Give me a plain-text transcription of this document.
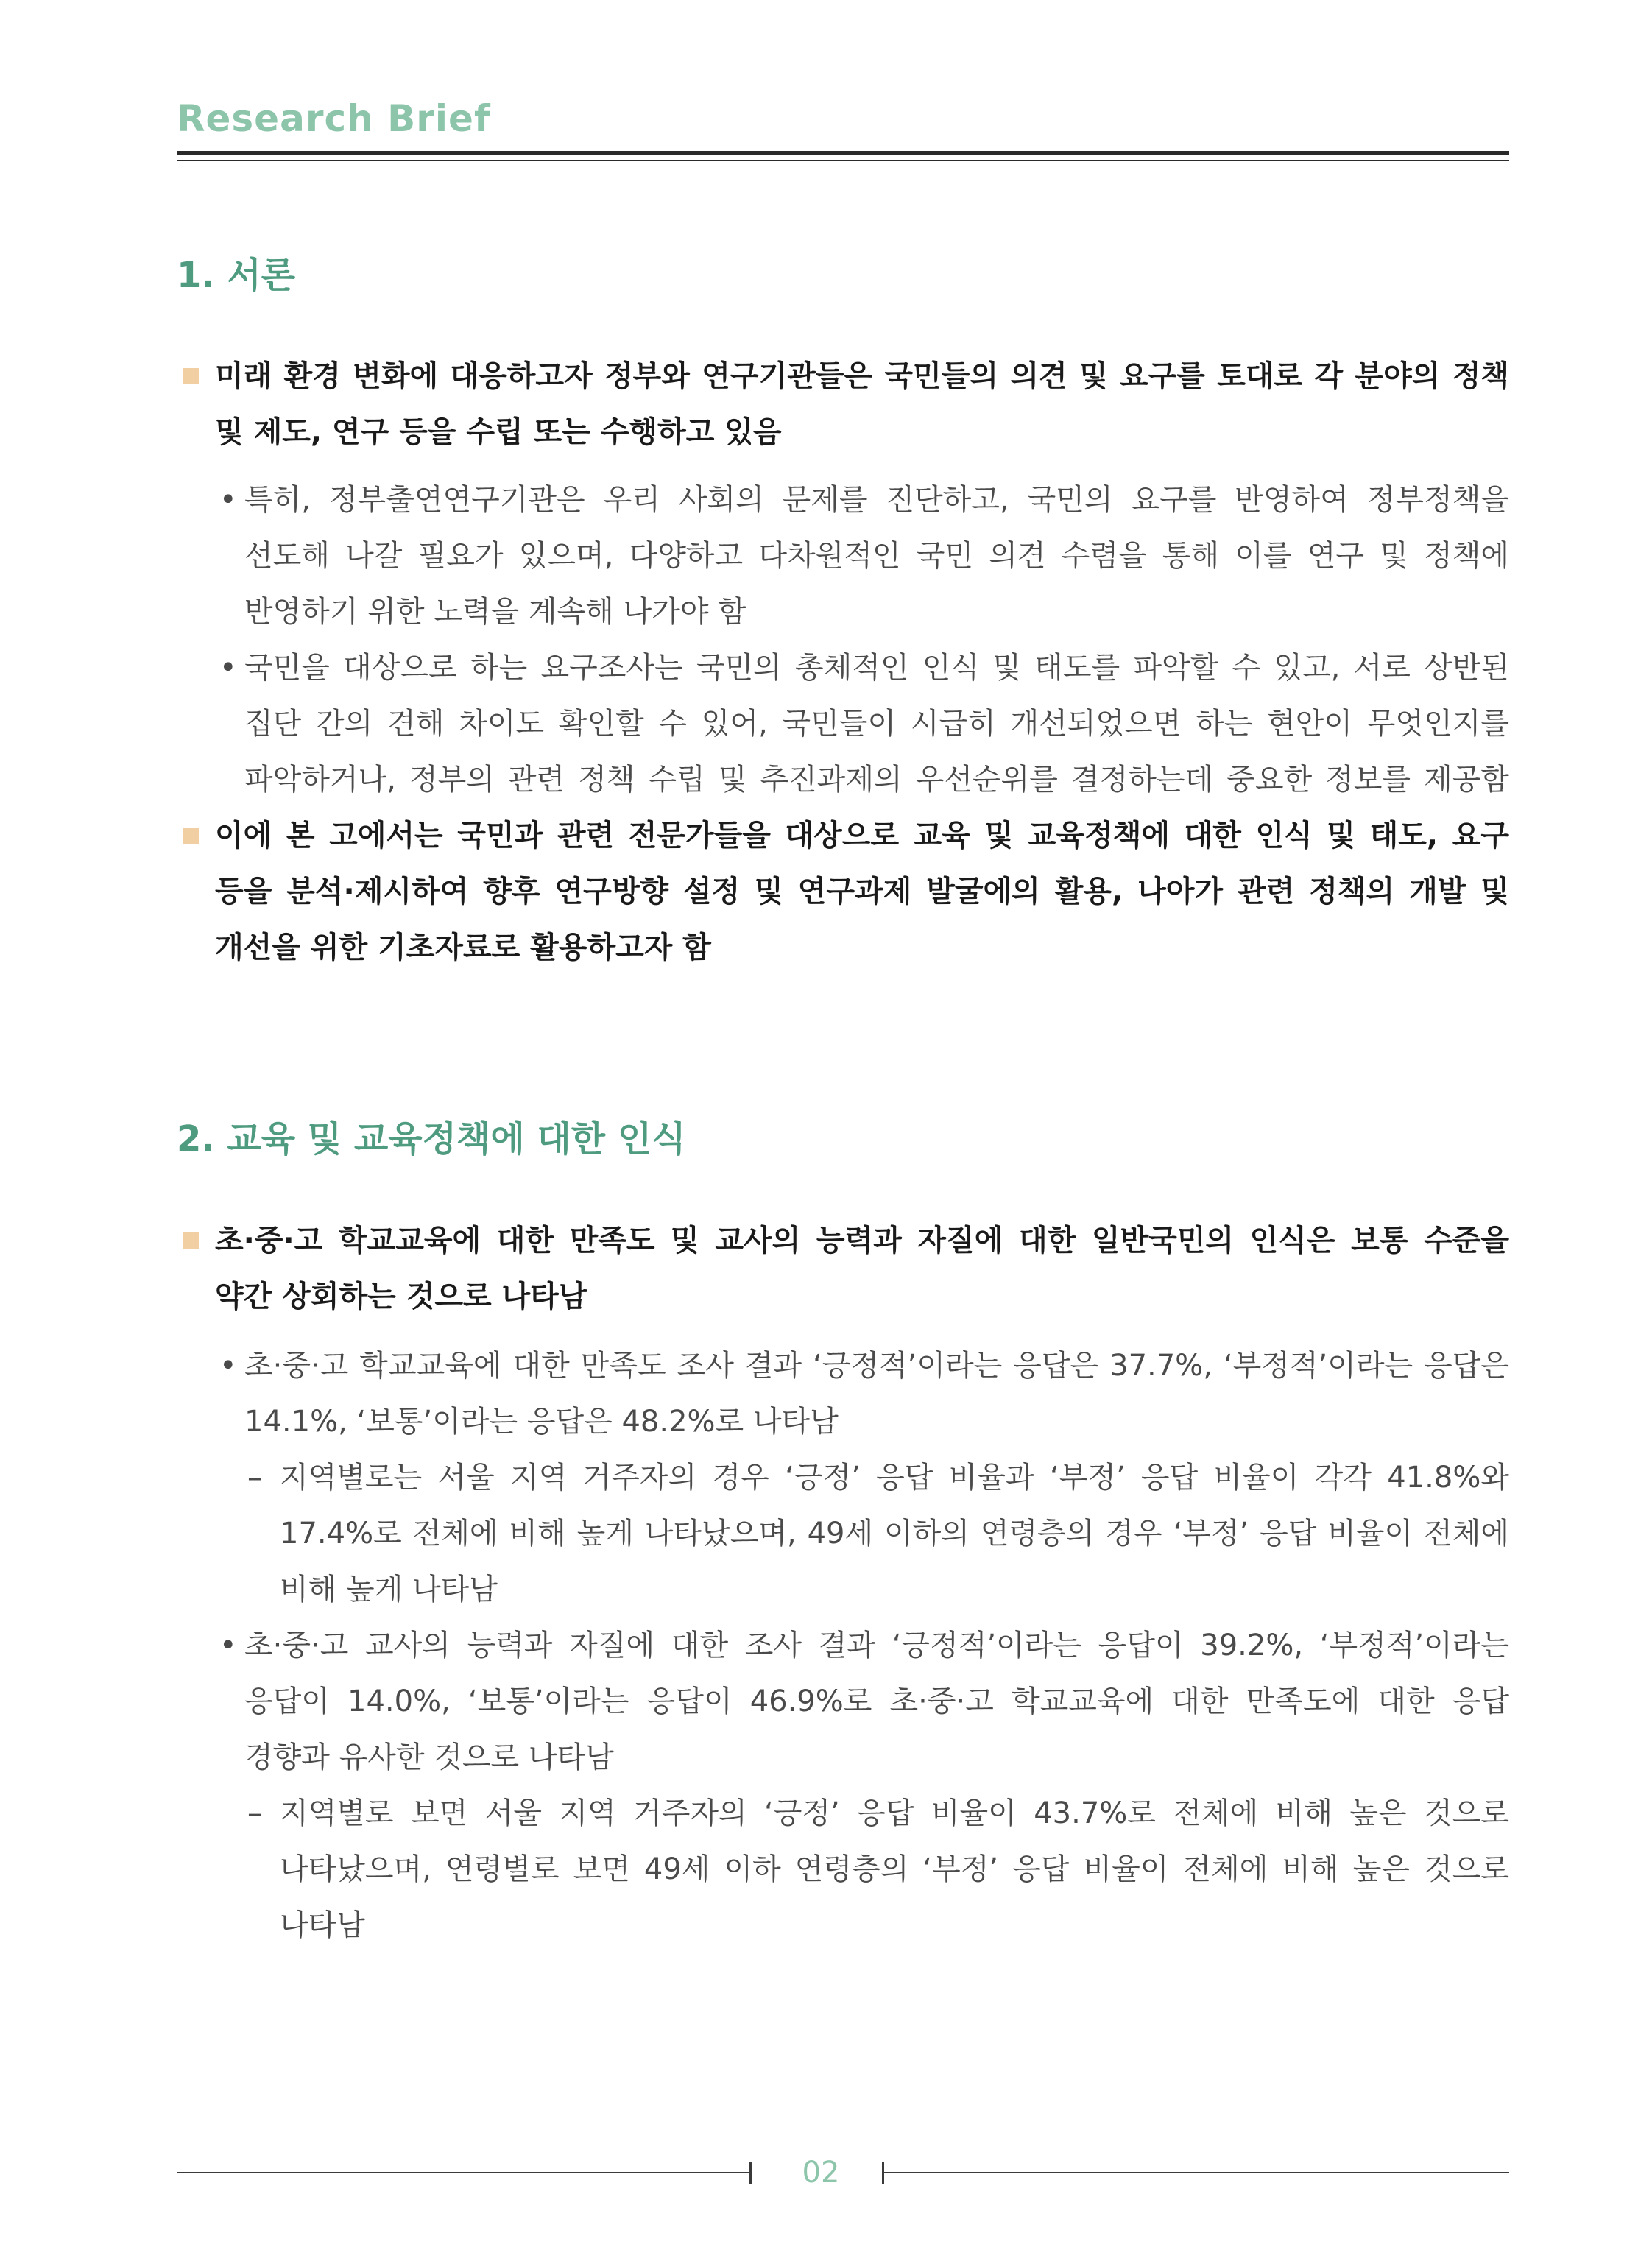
Research Brief
1. 서론
미래 환경 변화에 대응하고자 정부와 연구기관들은 국민들의 의견 및 요구를 토대로 각 분야의 정책
및 제도, 연구 등을 수립 또는 수행하고 있음
• 특히, 정부출연연구기관은 우리 사회의 문제를 진단하고, 국민의 요구를 반영하여 정부정책을
선도해 나갈 필요가 있으며, 다양하고 다차원적인 국민 의견 수렴을 통해 이를 연구 및 정책에
반영하기 위한 노력을 계속해 나가야 함
• 국민을 대상으로 하는 요구조사는 국민의 총체적인 인식 및 태도를 파악할 수 있고, 서로 상반된
집단 간의 견해 차이도 확인할 수 있어, 국민들이 시급히 개선되었으면 하는 현안이 무엇인지를
파악하거나, 정부의 관련 정책 수립 및 추진과제의 우선순위를 결정하는데 중요한 정보를 제공함
이에 본 고에서는 국민과 관련 전문가들을 대상으로 교육 및 교육정책에 대한 인식 및 태도, 요구
등을 분석·제시하여 향후 연구방향 설정 및 연구과제 발굴에의 활용, 나아가 관련 정책의 개발 및
개선을 위한 기초자료로 활용하고자 함
2. 교육 및 교육정책에 대한 인식
초·중·고 학교교육에 대한 만족도 및 교사의 능력과 자질에 대한 일반국민의 인식은 보통 수준을
약간 상회하는 것으로 나타남
• 초·중·고 학교교육에 대한 만족도 조사 결과 ‘긍정적’이라는 응답은 37.7%, ‘부정적’이라는 응답은
14.1%, ‘보통’이라는 응답은 48.2%로 나타남
– 지역별로는 서울 지역 거주자의 경우 ‘긍정’ 응답 비율과 ‘부정’ 응답 비율이 각각 41.8%와
17.4%로 전체에 비해 높게 나타났으며, 49세 이하의 연령층의 경우 ‘부정’ 응답 비율이 전체에
비해 높게 나타남
• 초·중·고 교사의 능력과 자질에 대한 조사 결과 ‘긍정적’이라는 응답이 39.2%, ‘부정적’이라는
응답이 14.0%, ‘보통’이라는 응답이 46.9%로 초·중·고 학교교육에 대한 만족도에 대한 응답
경향과 유사한 것으로 나타남
– 지역별로 보면 서울 지역 거주자의 ‘긍정’ 응답 비율이 43.7%로 전체에 비해 높은 것으로
나타났으며, 연령별로 보면 49세 이하 연령층의 ‘부정’ 응답 비율이 전체에 비해 높은 것으로
나타남
02
